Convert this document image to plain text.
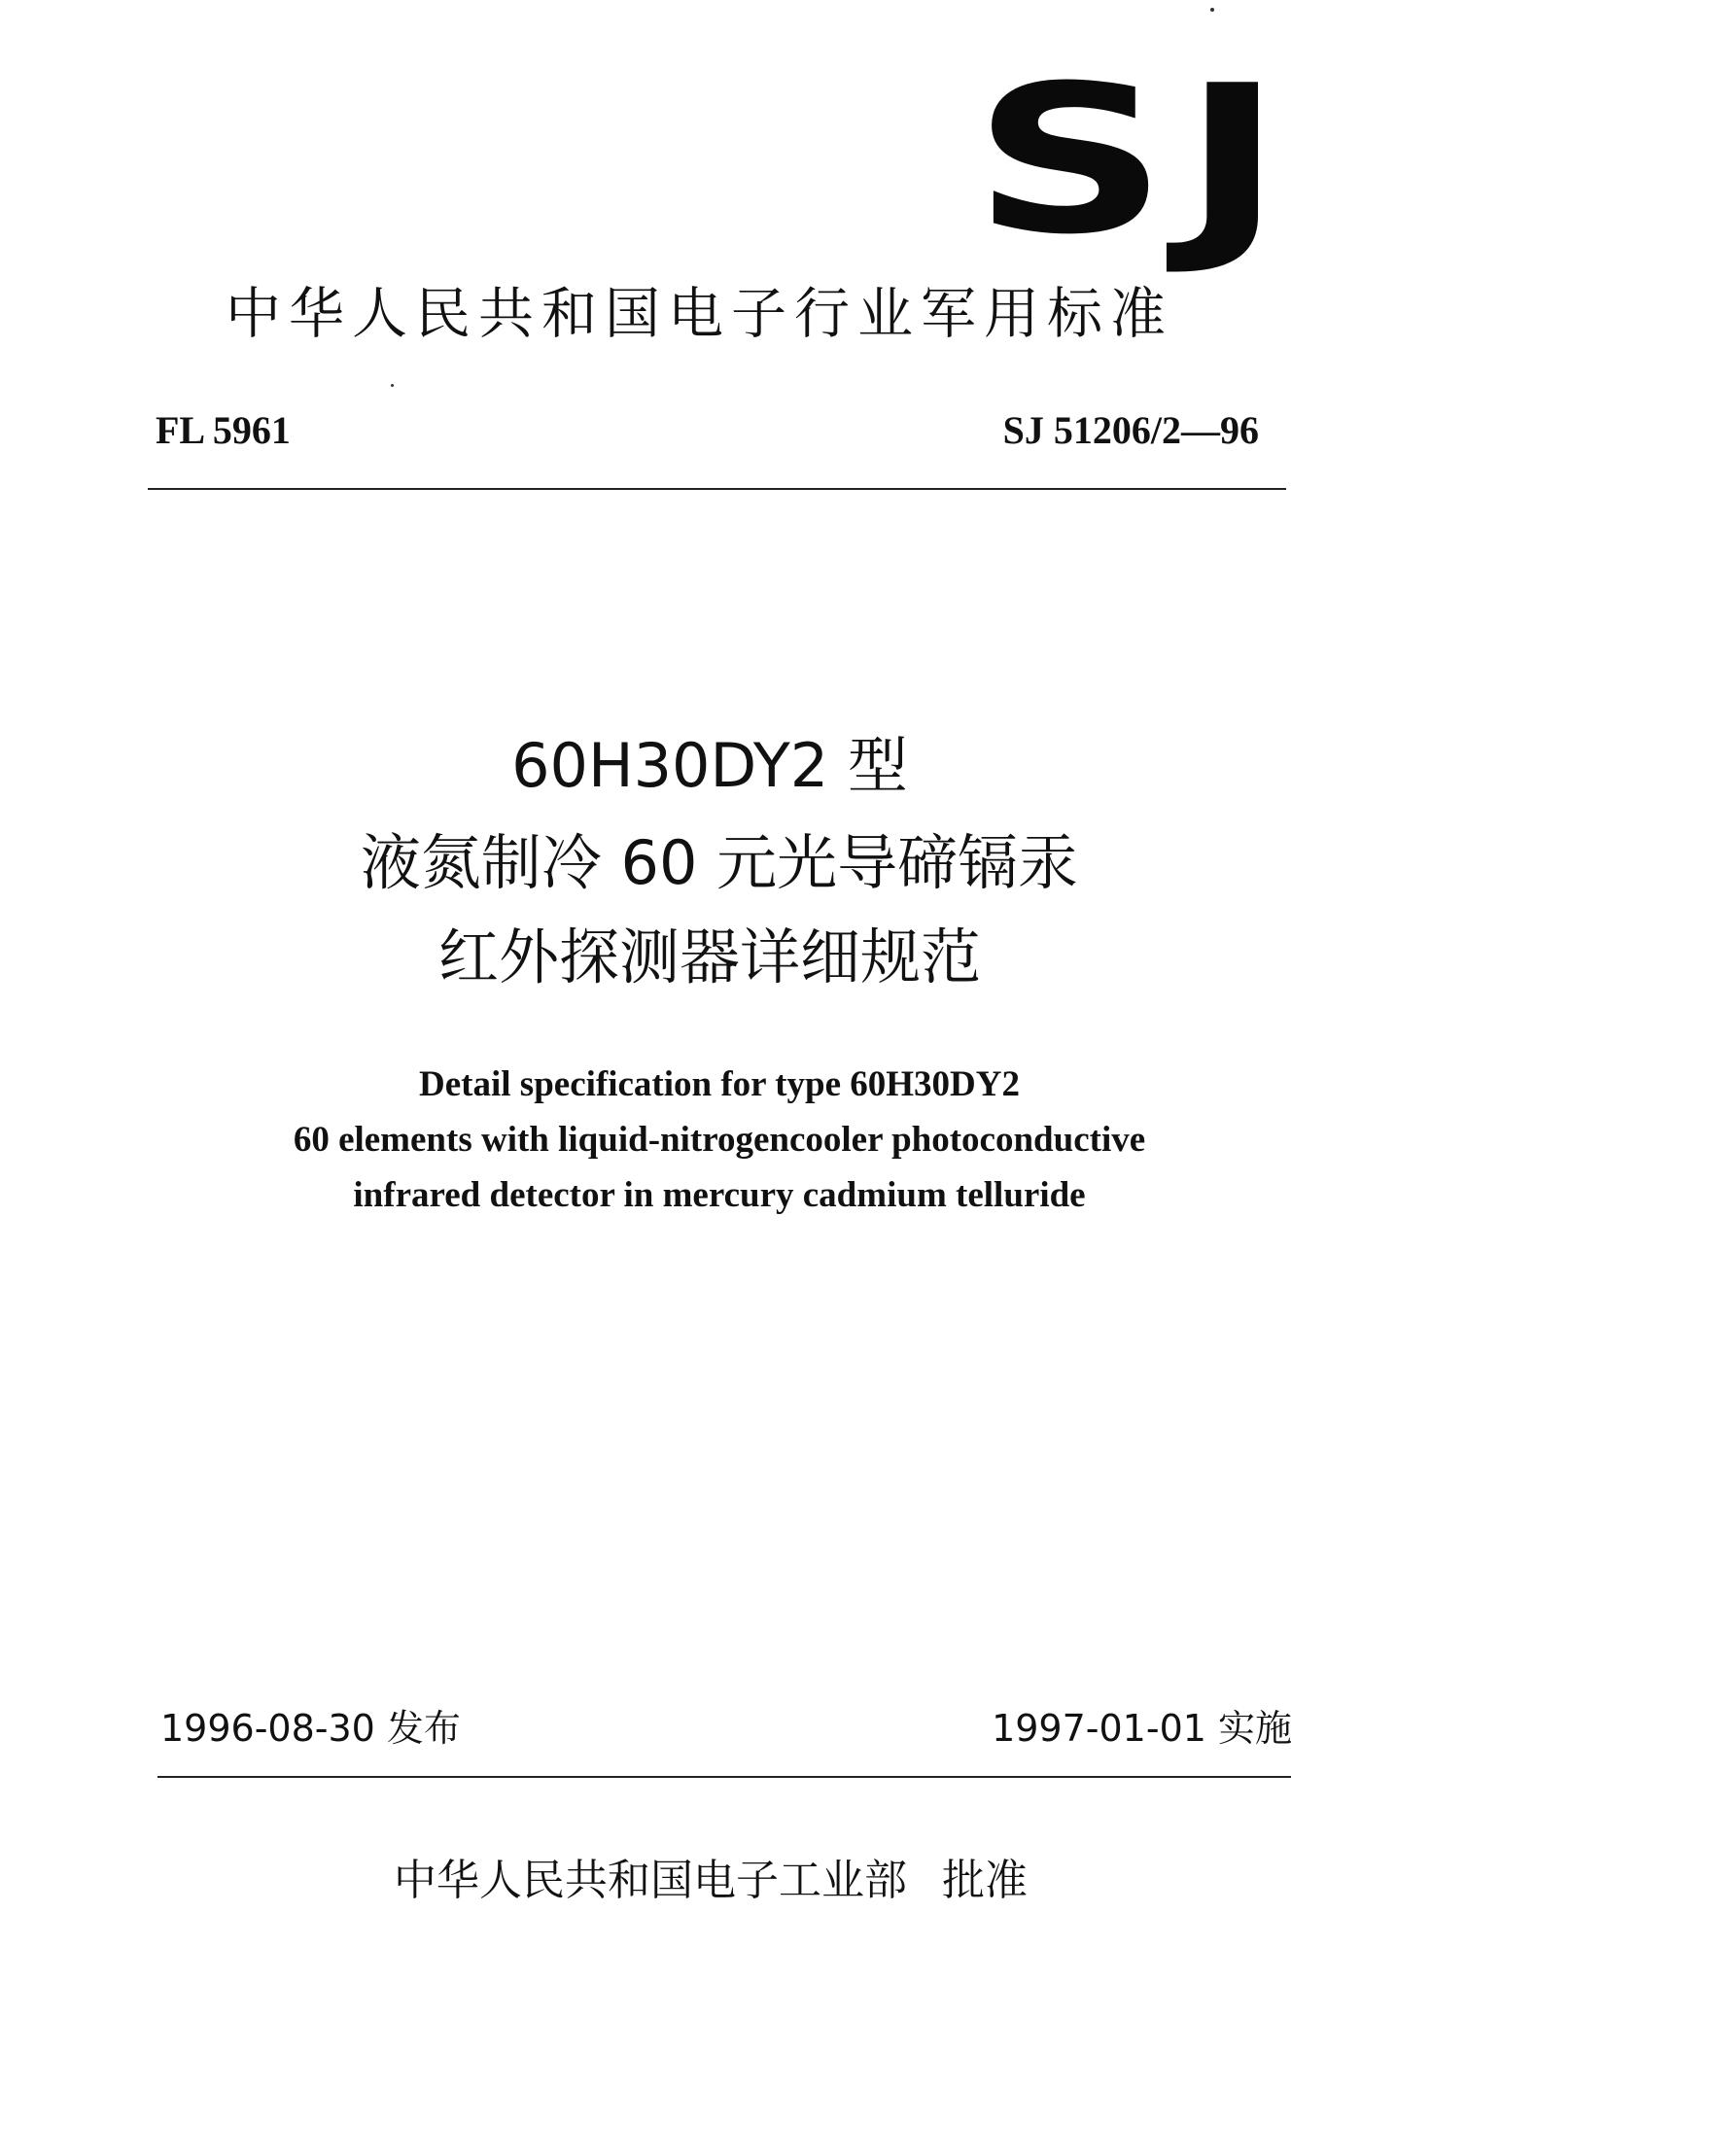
SJ
中华人民共和国电子行业军用标准
FL 5961	SJ 51206/2—96
60H30DY2 型
液氮制冷 60 元光导碲镉汞
红外探测器详细规范
Detail specification for type 60H30DY2
60 elements with liquid-nitrogencooler photoconductive
infrared detector in mercury cadmium telluride
1996-08-30 发布	1997-01-01 实施
中华人民共和国电子工业部 批准
